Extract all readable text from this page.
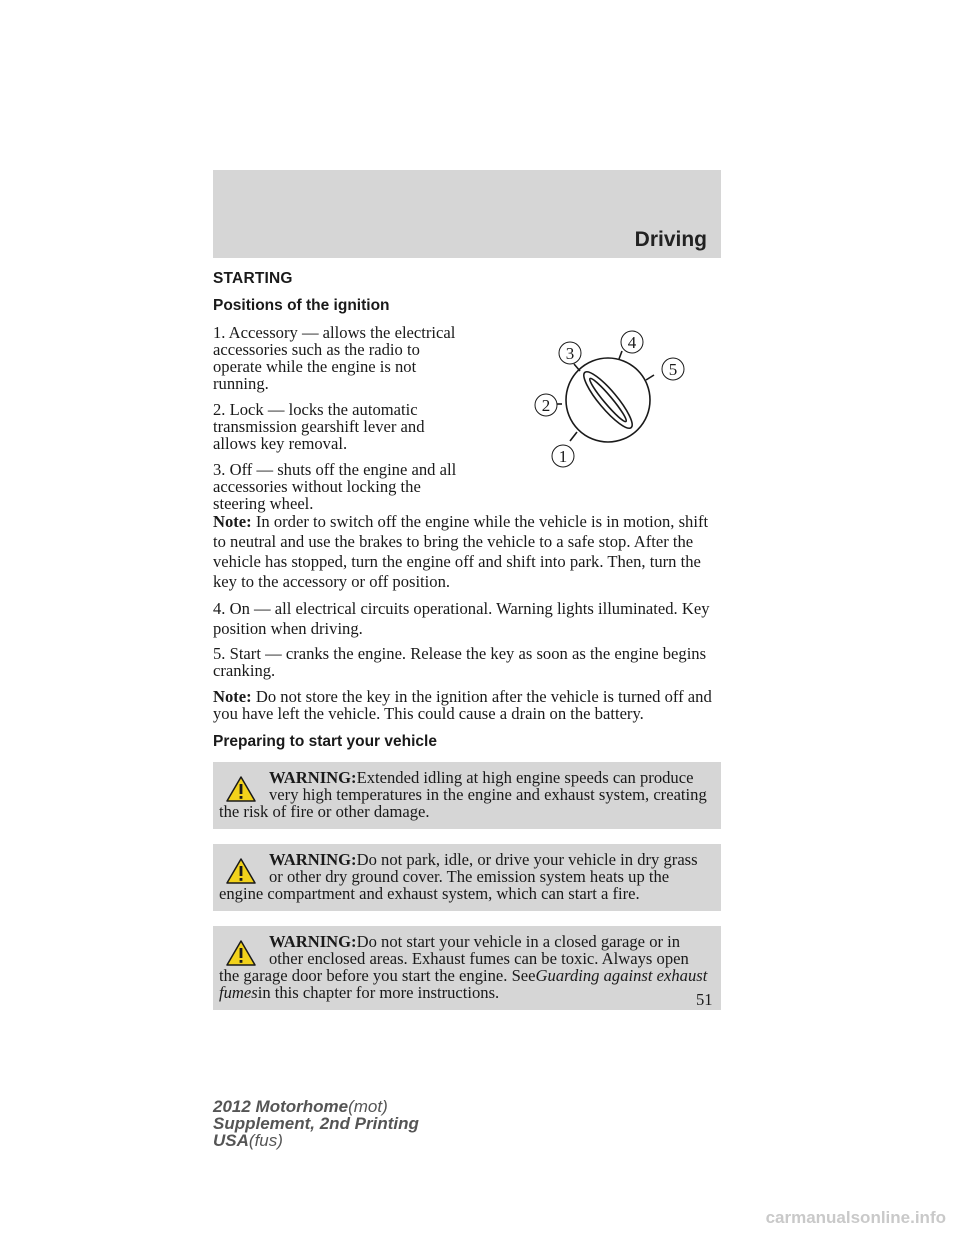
Driving
STARTING
Positions of the ignition
1
2
3
4
5

1. Accessory — allows the electrical accessories such as the radio to operate while the engine is not running.

2. Lock — locks the automatic transmission gearshift lever and allows key removal.

3. Off — shuts off the engine and all accessories without locking the steering wheel.
Note: In order to switch off the engine while the vehicle is in motion, shift to neutral and use the brakes to bring the vehicle to a safe stop. After the vehicle has stopped, turn the engine off and shift into park. Then, turn the key to the accessory or off position.

4. On — all electrical circuits operational. Warning lights illuminated. Key position when driving.

5. Start — cranks the engine. Release the key as soon as the engine begins cranking.

Note: Do not store the key in the ignition after the vehicle is turned off and you have left the vehicle. This could cause a drain on the battery.

Preparing to start your vehicle
WARNING:Extended idling at high engine speeds can produce very high temperatures in the engine and exhaust system, creating the risk of fire or other damage.
WARNING:Do not park, idle, or drive your vehicle in dry grass or other dry ground cover. The emission system heats up the engine compartment and exhaust system, which can start a fire.
WARNING:Do not start your vehicle in a closed garage or in other enclosed areas. Exhaust fumes can be toxic. Always open the garage door before you start the engine. SeeGuarding against exhaust fumesin this chapter for more instructions.	51
2012 Motorhome(mot)
Supplement, 2nd Printing
USA(fus)
carmanualsonline.info
